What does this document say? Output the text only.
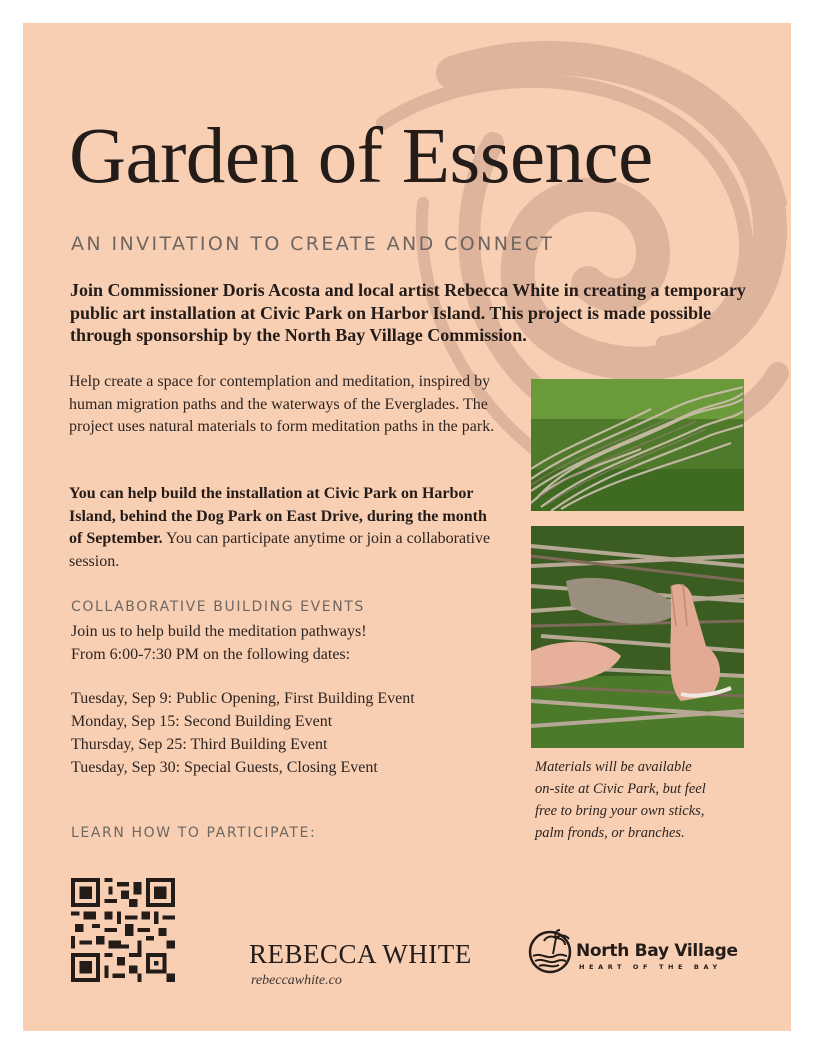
Garden of Essence
AN INVITATION TO CREATE AND CONNECT

Join Commissioner Doris Acosta and local artist Rebecca White in creating a temporary public art installation at Civic Park on Harbor Island. This project is made possible through sponsorship by the North Bay Village Commission.

Help create a space for contemplation and meditation, inspired by human migration paths and the waterways of the Everglades. The project uses natural materials to form meditation paths in the park.

You can help build the installation at Civic Park on Harbor Island, behind the Dog Park on East Drive, during the month of September. You can participate anytime or join a collaborative session.

COLLABORATIVE BUILDING EVENTS
Join us to help build the meditation pathways!
From 6:00-7:30 PM on the following dates:
Tuesday, Sep 9: Public Opening, First Building Event
Monday, Sep 15: Second Building Event
Thursday, Sep 25: Third Building Event
Tuesday, Sep 30: Special Guests, Closing Event
LEARN HOW TO PARTICIPATE:
Materials will be available
on-site at Civic Park, but feel
free to bring your own sticks,
palm fronds, or branches.
REBECCA WHITE
rebeccawhite.co
North Bay Village
HEART OF THE BAY
